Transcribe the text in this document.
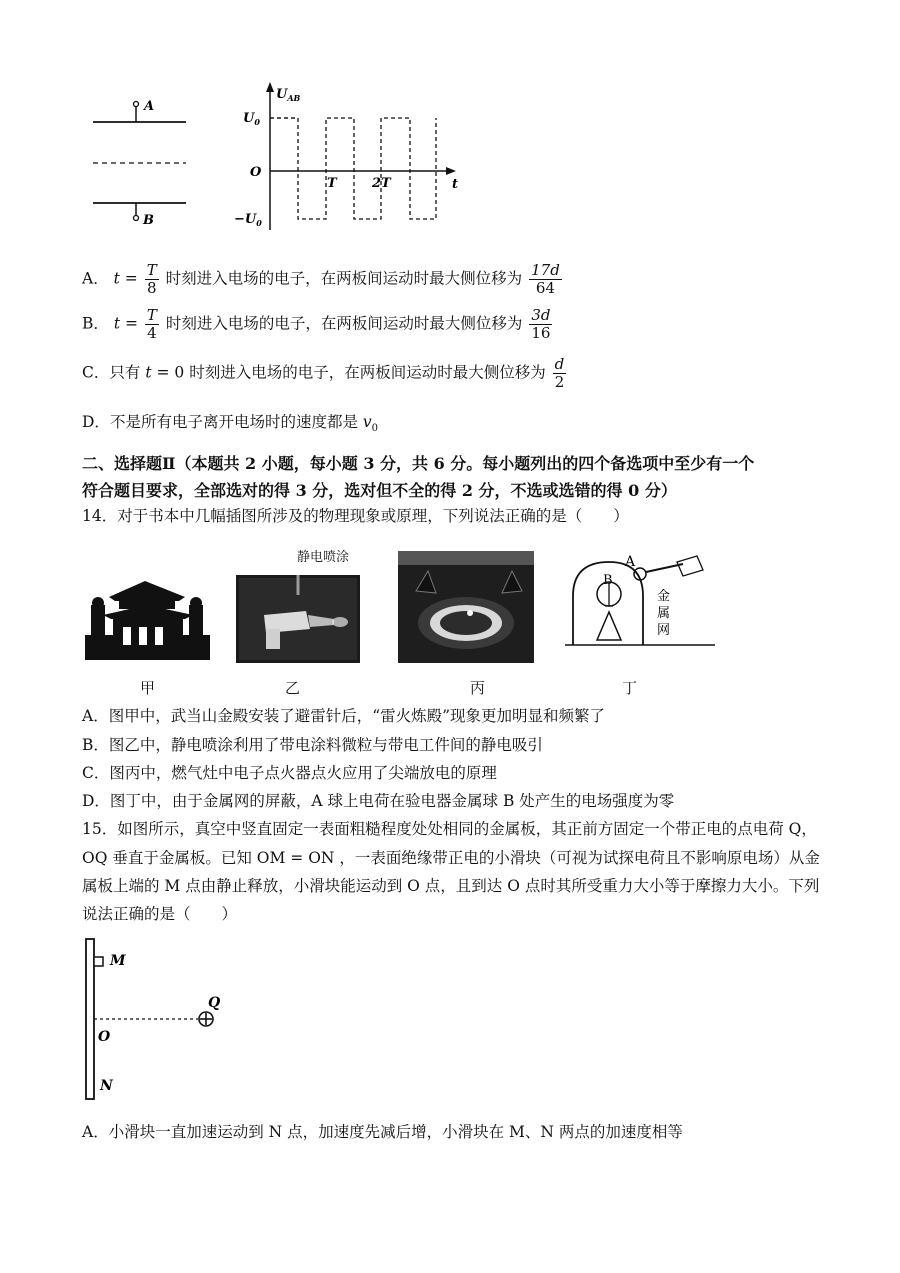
A
B
$U_{AB}$
$U_0$
O
$-U_0$
T	2T	t
A． $t = \frac{T}{8}$ 时刻进入电场的电子，在两板间运动时最大侧位移为 $\frac{17d}{64}$
B． $t = \frac{T}{4}$ 时刻进入电场的电子，在两板间运动时最大侧位移为 $\frac{3d}{16}$
C．只有 t = 0 时刻进入电场的电子，在两板间运动时最大侧位移为 $\frac{d}{2}$
D．不是所有电子离开电场时的速度都是 $v_0$
二、选择题Ⅱ（本题共 2 小题，每小题 3 分，共 6 分。每小题列出的四个备选项中至少有一个
符合题目要求，全部选对的得 3 分，选对但不全的得 2 分，不选或选错的得 0 分）
14．对于书本中几幅插图所涉及的物理现象或原理，下列说法正确的是（　　）
静电喷涂	A
B
金
属
网
甲	乙	丙	丁
A．图甲中，武当山金殿安装了避雷针后，“雷火炼殿”现象更加明显和频繁了
B．图乙中，静电喷涂利用了带电涂料微粒与带电工件间的静电吸引
C．图丙中，燃气灶中电子点火器点火应用了尖端放电的原理
D．图丁中，由于金属网的屏蔽，A 球上电荷在验电器金属球 B 处产生的电场强度为零
15．如图所示，真空中竖直固定一表面粗糙程度处处相同的金属板，其正前方固定一个带正电的点电荷 Q，
OQ 垂直于金属板。已知 OM = ON ，一表面绝缘带正电的小滑块（可视为试探电荷且不影响原电场）从金
属板上端的 M 点由静止释放，小滑块能运动到 O 点，且到达 O 点时其所受重力大小等于摩擦力大小。下列
说法正确的是（　　）
M
Q
O
N
A．小滑块一直加速运动到 N 点，加速度先减后增，小滑块在 M、N 两点的加速度相等
